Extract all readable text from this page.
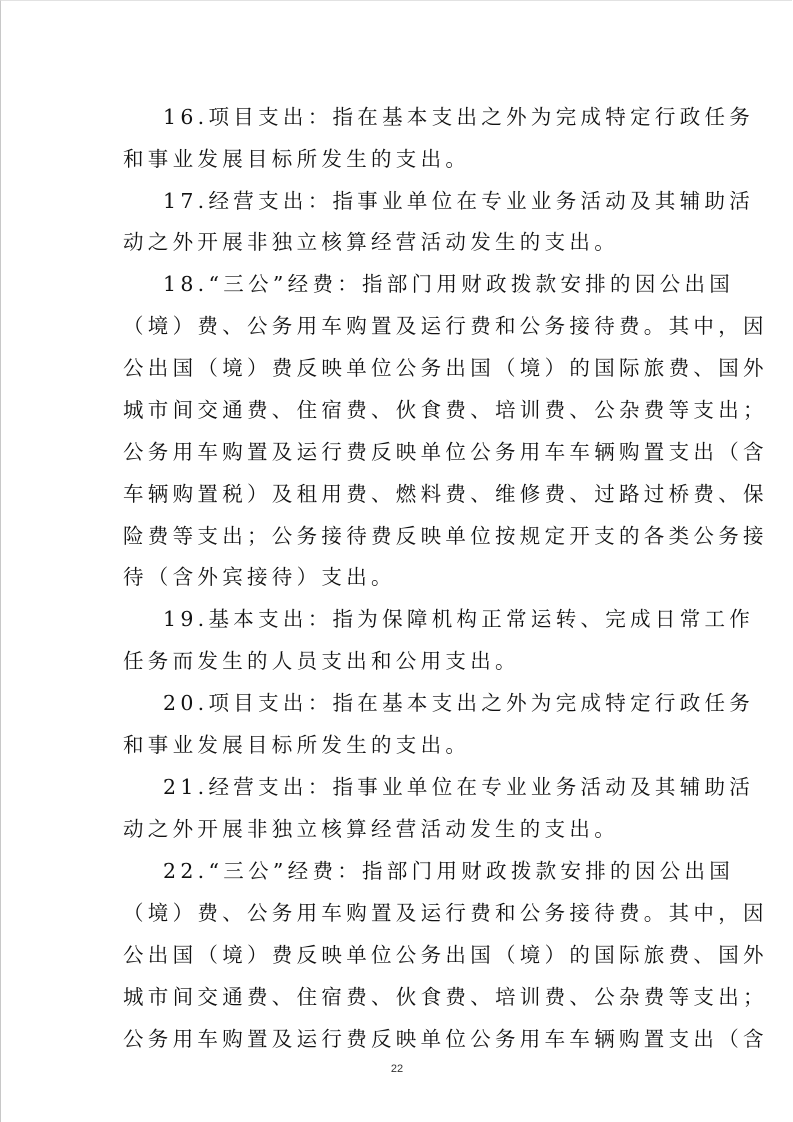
16.项目支出：指在基本支出之外为完成特定行政任务
和事业发展目标所发生的支出。
17.经营支出：指事业单位在专业业务活动及其辅助活
动之外开展非独立核算经营活动发生的支出。
18.“三公”经费：指部门用财政拨款安排的因公出国
（境）费、公务用车购置及运行费和公务接待费。其中，因
公出国（境）费反映单位公务出国（境）的国际旅费、国外
城市间交通费、住宿费、伙食费、培训费、公杂费等支出；
公务用车购置及运行费反映单位公务用车车辆购置支出（含
车辆购置税）及租用费、燃料费、维修费、过路过桥费、保
险费等支出；公务接待费反映单位按规定开支的各类公务接
待（含外宾接待）支出。
19.基本支出：指为保障机构正常运转、完成日常工作
任务而发生的人员支出和公用支出。
20.项目支出：指在基本支出之外为完成特定行政任务
和事业发展目标所发生的支出。
21.经营支出：指事业单位在专业业务活动及其辅助活
动之外开展非独立核算经营活动发生的支出。
22.“三公”经费：指部门用财政拨款安排的因公出国
（境）费、公务用车购置及运行费和公务接待费。其中，因
公出国（境）费反映单位公务出国（境）的国际旅费、国外
城市间交通费、住宿费、伙食费、培训费、公杂费等支出；
公务用车购置及运行费反映单位公务用车车辆购置支出（含
22
